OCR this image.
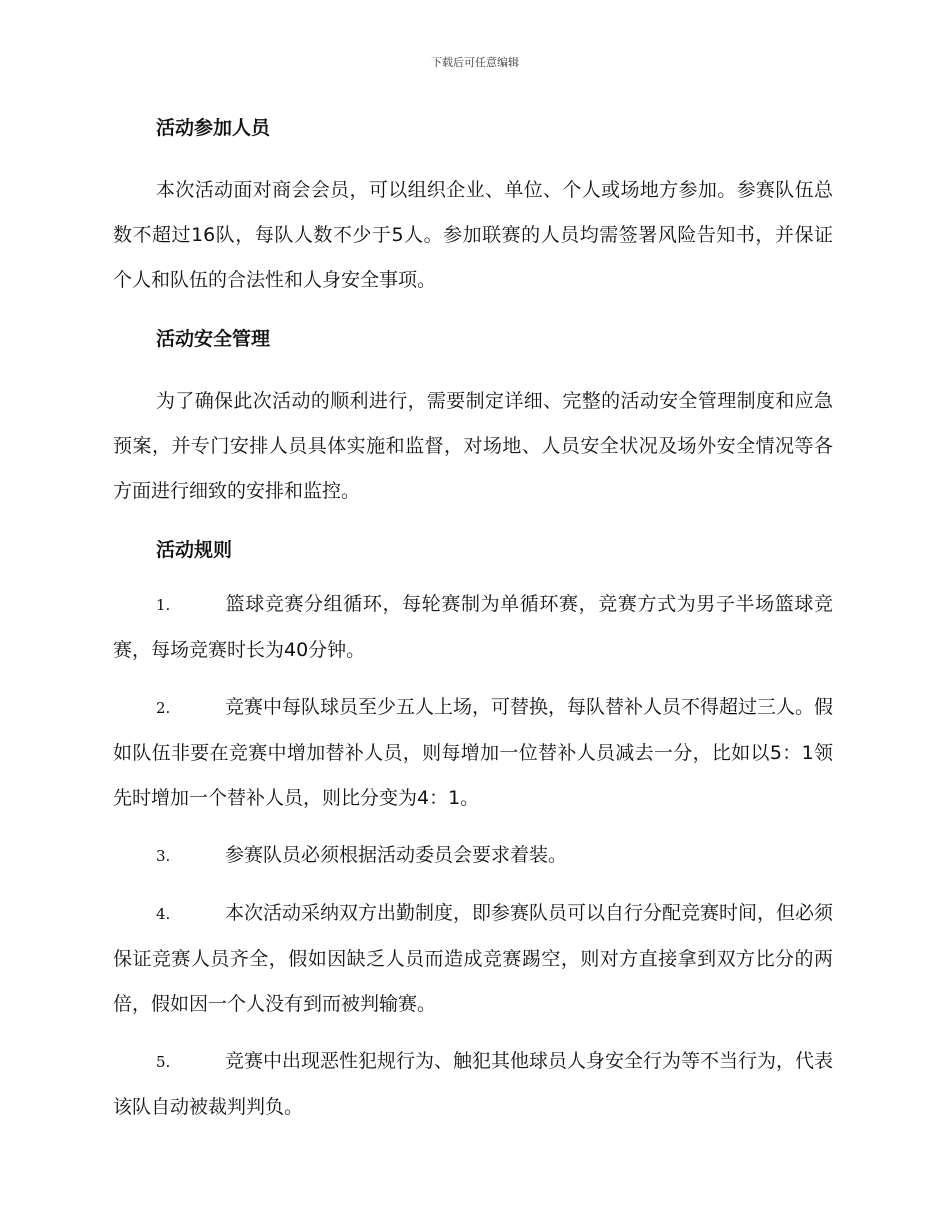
下载后可任意编辑
活动参加人员

本次活动面对商会会员，可以组织企业、单位、个人或场地方参加。参赛队伍总数不超过16队，每队人数不少于5人。参加联赛的人员均需签署风险告知书，并保证个人和队伍的合法性和人身安全事项。

活动安全管理

为了确保此次活动的顺利进行，需要制定详细、完整的活动安全管理制度和应急预案，并专门安排人员具体实施和监督，对场地、人员安全状况及场外安全情况等各方面进行细致的安排和监控。

活动规则
1.	篮球竞赛分组循环，每轮赛制为单循环赛，竞赛方式为男子半场篮球竞赛，每场竞赛时长为40分钟。
2.	竞赛中每队球员至少五人上场，可替换，每队替补人员不得超过三人。假如队伍非要在竞赛中增加替补人员，则每增加一位替补人员减去一分，比如以5：1领先时增加一个替补人员，则比分变为4：1。
3.	参赛队员必须根据活动委员会要求着装。
4.	本次活动采纳双方出勤制度，即参赛队员可以自行分配竞赛时间，但必须保证竞赛人员齐全，假如因缺乏人员而造成竞赛踢空，则对方直接拿到双方比分的两倍，假如因一个人没有到而被判输赛。
5.	竞赛中出现恶性犯规行为、触犯其他球员人身安全行为等不当行为，代表该队自动被裁判判负。
